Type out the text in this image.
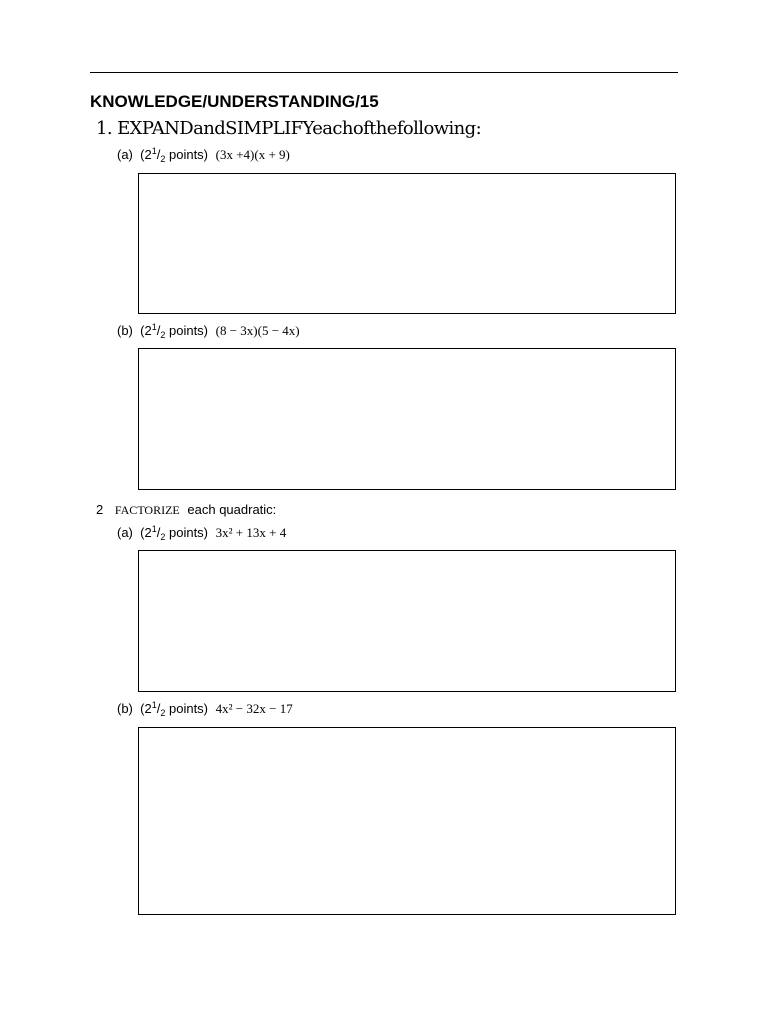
KNOWLEDGE/UNDERSTANDING/15
1. EXPANDandSIMPLIFYeachofthefollowing:
(a)  ($2^1/_2$ points) (3x +4)(x + 9)
(b)  ($2^1/_2$ points) (8 − 3x)(5 − 4x)
2 FACTORIZE each quadratic:
(a)  ($2^1/_2$ points) 3x² + 13x + 4
(b)  ($2^1/_2$ points) 4x² − 32x − 17
